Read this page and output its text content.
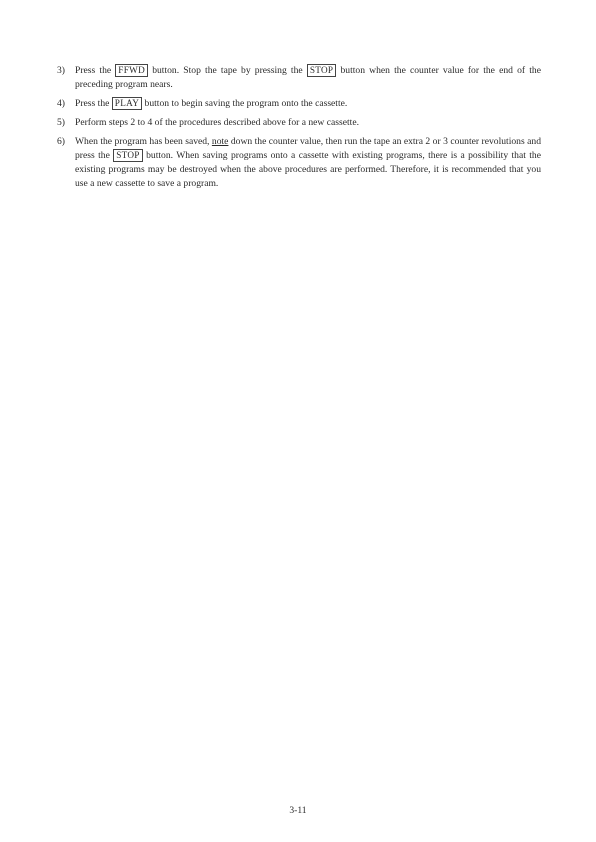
3)	Press the FFWD button. Stop the tape by pressing the STOP button when the counter value for the end of the preceding program nears.
4)	Press the PLAY button to begin saving the program onto the cassette.
5)	Perform steps 2 to 4 of the procedures described above for a new cassette.
6)	When the program has been saved, note down the counter value, then run the tape an extra 2 or 3 counter revolutions and press the STOP button. When saving programs onto a cassette with existing programs, there is a possibility that the existing programs may be destroyed when the above procedures are performed. Therefore, it is recommended that you use a new cassette to save a program.
3-11
